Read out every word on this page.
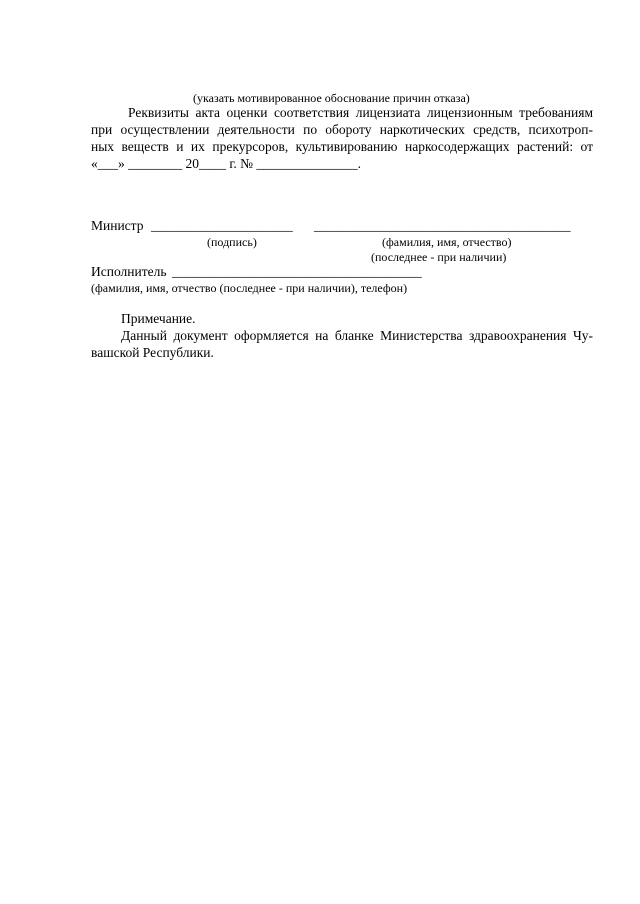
(указать мотивированное обоснование причин отказа)
Реквизиты акта оценки соответствия лицензиата лицензионным требованиям
при осуществлении деятельности по обороту наркотических средств, психотроп-
ных веществ и их прекурсоров, культивированию наркосодержащих растений: от
«___» ________ 20____ г. № _______________.
Министр _____________________ ______________________________________
(подпись)	(фамилия, имя, отчество)
(последнее - при наличии)
Исполнитель _____________________________________
(фамилия, имя, отчество (последнее - при наличии), телефон)
Примечание.
Данный документ оформляется на бланке Министерства здравоохранения Чу-
вашской Республики.
